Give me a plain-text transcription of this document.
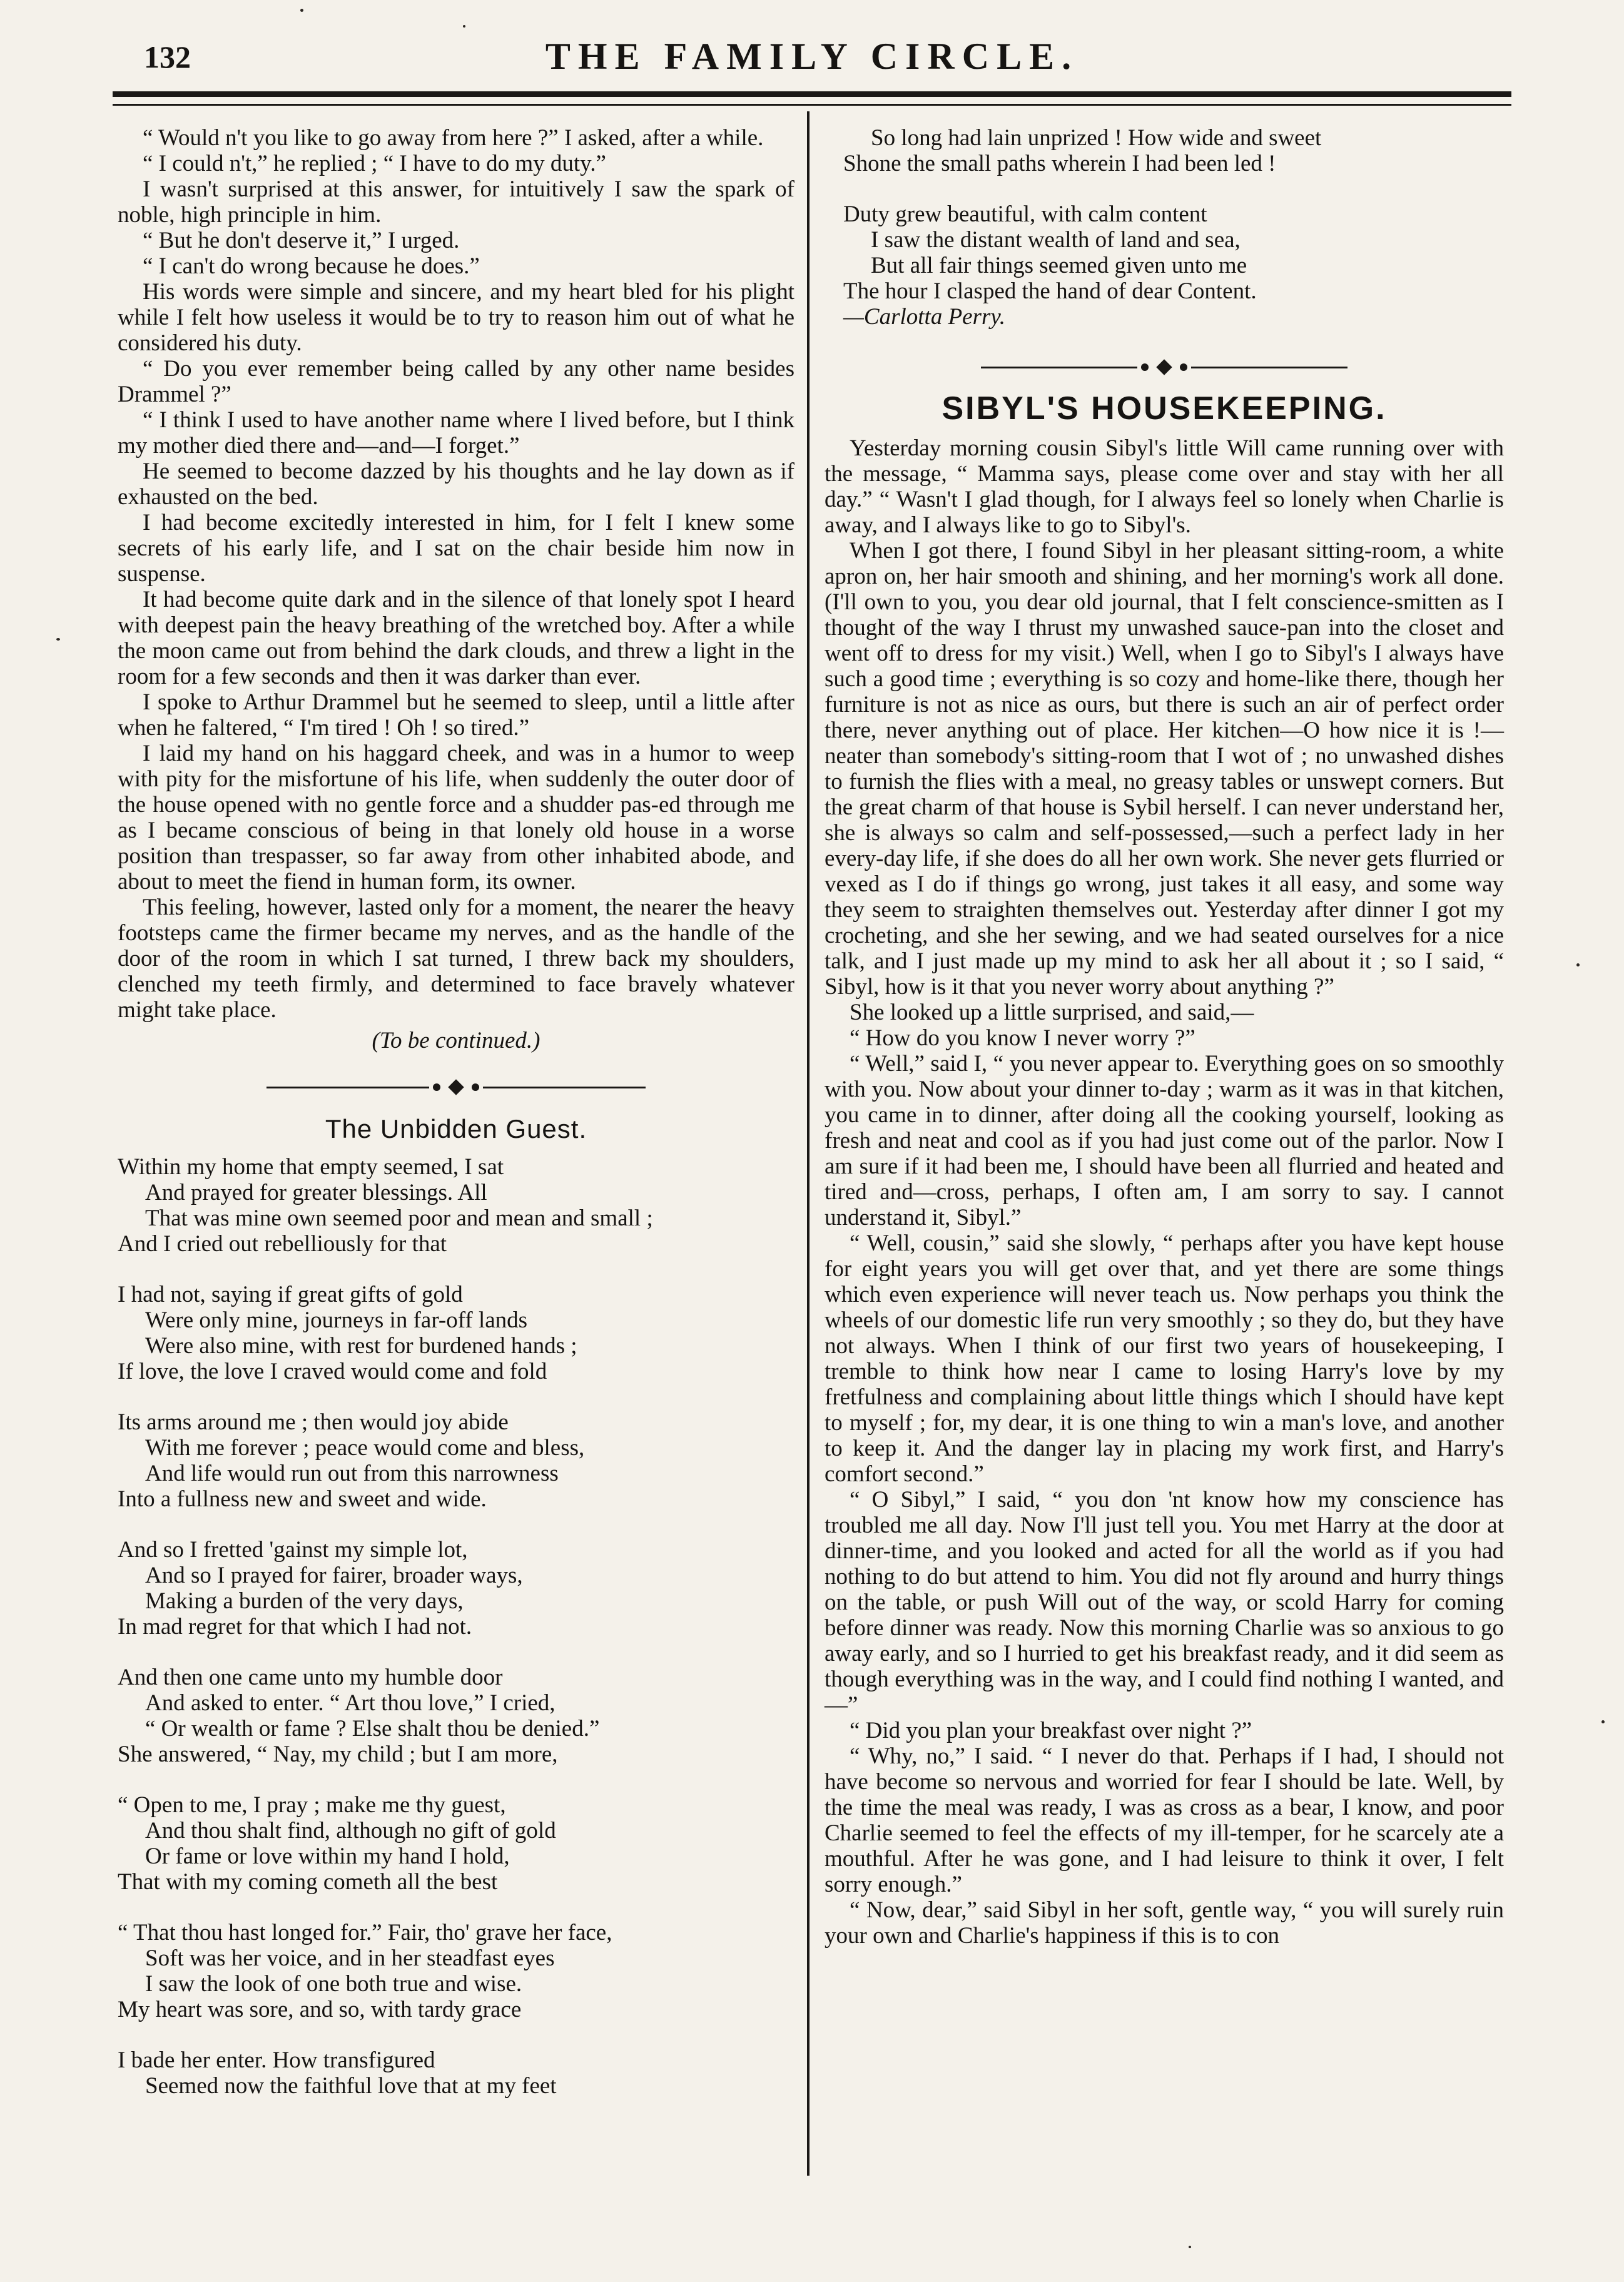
132	THE FAMILY CIRCLE.

“ Would n't you like to go away from here ?” I asked, after a while.

“ I could n't,” he replied ; “ I have to do my duty.”

I wasn't surprised at this answer, for intuitively I saw the spark of noble, high principle in him.

“ But he don't deserve it,” I urged.

“ I can't do wrong because he does.”

His words were simple and sincere, and my heart bled for his plight while I felt how useless it would be to try to reason him out of what he considered his duty.

“ Do you ever remember being called by any other name besides Drammel ?”

“ I think I used to have another name where I lived before, but I think my mother died there and—and—I forget.”

He seemed to become dazzed by his thoughts and he lay down as if exhausted on the bed.

I had become excitedly interested in him, for I felt I knew some secrets of his early life, and I sat on the chair beside him now in suspense.

It had become quite dark and in the silence of that lonely spot I heard with deepest pain the heavy breathing of the wretched boy. After a while the moon came out from behind the dark clouds, and threw a light in the room for a few seconds and then it was darker than ever.

I spoke to Arthur Drammel but he seemed to sleep, until a little after when he faltered, “ I'm tired ! Oh ! so tired.”

I laid my hand on his haggard cheek, and was in a humor to weep with pity for the misfortune of his life, when suddenly the outer door of the house opened with no gentle force and a shudder pas-ed through me as I became conscious of being in that lonely old house in a worse position than trespasser, so far away from other inhabited abode, and about to meet the fiend in human form, its owner.

This feeling, however, lasted only for a moment, the nearer the heavy footsteps came the firmer became my nerves, and as the handle of the door of the room in which I sat turned, I threw back my shoulders, clenched my teeth firmly, and determined to face bravely whatever might take place.

(To be continued.)

The Unbidden Guest.
Within my home that empty seemed, I sat
And prayed for greater blessings. All
That was mine own seemed poor and mean and small ;
And I cried out rebelliously for that
I had not, saying if great gifts of gold
Were only mine, journeys in far-off lands
Were also mine, with rest for burdened hands ;
If love, the love I craved would come and fold
Its arms around me ; then would joy abide
With me forever ; peace would come and bless,
And life would run out from this narrowness
Into a fullness new and sweet and wide.
And so I fretted 'gainst my simple lot,
And so I prayed for fairer, broader ways,
Making a burden of the very days,
In mad regret for that which I had not.
And then one came unto my humble door
And asked to enter. “ Art thou love,” I cried,
“ Or wealth or fame ? Else shalt thou be denied.”
She answered, “ Nay, my child ; but I am more,
“ Open to me, I pray ; make me thy guest,
And thou shalt find, although no gift of gold
Or fame or love within my hand I hold,
That with my coming cometh all the best
“ That thou hast longed for.” Fair, tho' grave her face,
Soft was her voice, and in her steadfast eyes
I saw the look of one both true and wise.
My heart was sore, and so, with tardy grace
I bade her enter. How transfigured
Seemed now the faithful love that at my feet
So long had lain unprized ! How wide and sweet
Shone the small paths wherein I had been led !
Duty grew beautiful, with calm content
I saw the distant wealth of land and sea,
But all fair things seemed given unto me
The hour I clasped the hand of dear Content.
—Carlotta Perry.
SIBYL'S HOUSEKEEPING.

Yesterday morning cousin Sibyl's little Will came running over with the message, “ Mamma says, please come over and stay with her all day.” “ Wasn't I glad though, for I always feel so lonely when Charlie is away, and I always like to go to Sibyl's.

When I got there, I found Sibyl in her pleasant sitting-room, a white apron on, her hair smooth and shining, and her morning's work all done. (I'll own to you, you dear old journal, that I felt conscience-smitten as I thought of the way I thrust my unwashed sauce-pan into the closet and went off to dress for my visit.) Well, when I go to Sibyl's I always have such a good time ; everything is so cozy and home-like there, though her furniture is not as nice as ours, but there is such an air of perfect order there, never anything out of place. Her kitchen—O how nice it is !—neater than somebody's sitting-room that I wot of ; no unwashed dishes to furnish the flies with a meal, no greasy tables or unswept corners. But the great charm of that house is Sybil herself. I can never understand her, she is always so calm and self-possessed,—such a perfect lady in her every-day life, if she does do all her own work. She never gets flurried or vexed as I do if things go wrong, just takes it all easy, and some way they seem to straighten themselves out. Yesterday after dinner I got my crocheting, and she her sewing, and we had seated ourselves for a nice talk, and I just made up my mind to ask her all about it ; so I said, “ Sibyl, how is it that you never worry about anything ?”

She looked up a little surprised, and said,—

“ How do you know I never worry ?”

“ Well,” said I, “ you never appear to. Everything goes on so smoothly with you. Now about your dinner to-day ; warm as it was in that kitchen, you came in to dinner, after doing all the cooking yourself, looking as fresh and neat and cool as if you had just come out of the parlor. Now I am sure if it had been me, I should have been all flurried and heated and tired and—cross, perhaps, I often am, I am sorry to say. I cannot understand it, Sibyl.”

“ Well, cousin,” said she slowly, “ perhaps after you have kept house for eight years you will get over that, and yet there are some things which even experience will never teach us. Now perhaps you think the wheels of our domestic life run very smoothly ; so they do, but they have not always. When I think of our first two years of housekeeping, I tremble to think how near I came to losing Harry's love by my fretfulness and complaining about little things which I should have kept to myself ; for, my dear, it is one thing to win a man's love, and another to keep it. And the danger lay in placing my work first, and Harry's comfort second.”

“ O Sibyl,” I said, “ you don 'nt know how my conscience has troubled me all day. Now I'll just tell you. You met Harry at the door at dinner-time, and you looked and acted for all the world as if you had nothing to do but attend to him. You did not fly around and hurry things on the table, or push Will out of the way, or scold Harry for coming before dinner was ready. Now this morning Charlie was so anxious to go away early, and so I hurried to get his breakfast ready, and it did seem as though everything was in the way, and I could find nothing I wanted, and—”

“ Did you plan your breakfast over night ?”

“ Why, no,” I said. “ I never do that. Perhaps if I had, I should not have become so nervous and worried for fear I should be late. Well, by the time the meal was ready, I was as cross as a bear, I know, and poor Charlie seemed to feel the effects of my ill-temper, for he scarcely ate a mouthful. After he was gone, and I had leisure to think it over, I felt sorry enough.”

“ Now, dear,” said Sibyl in her soft, gentle way, “ you will surely ruin your own and Charlie's happiness if this is to con
